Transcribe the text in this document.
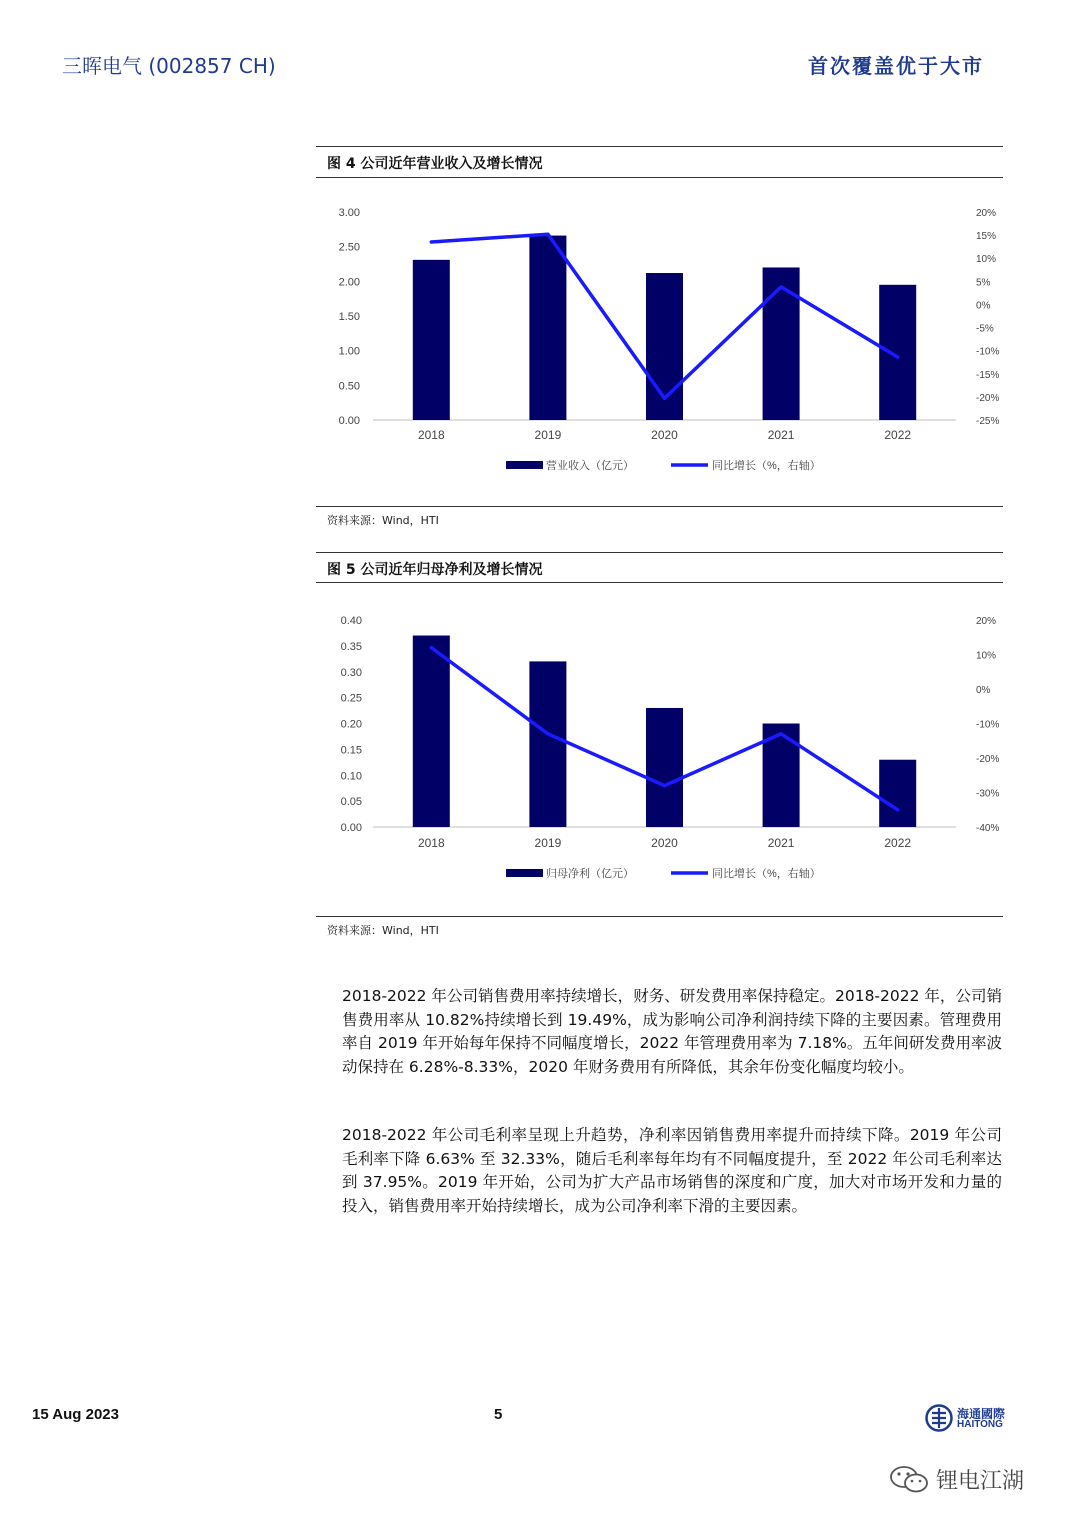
三晖电气 (002857 CH)	首次覆盖优于大市
图 4 公司近年营业收入及增长情况
3.00
2.50
2.00
1.50
1.00
0.50
0.00
20%
15%
10%
5%
0%
-5%
-10%
-15%
-20%
-25%
2018	2019	2020	2021	2022
营业收入（亿元）	同比增长（%，右轴）
资料来源：Wind，HTI
图 5 公司近年归母净利及增长情况
0.40
0.35
0.30
0.25
0.20
0.15
0.10
0.05
0.00
20%
10%
0%
-10%
-20%
-30%
-40%
2018	2019	2020	2021	2022
归母净利（亿元）	同比增长（%，右轴）
资料来源：Wind，HTI

2018-2022 年公司销售费用率持续增长，财务、研发费用率保持稳定。2018-2022 年，公司销售费用率从 10.82%持续增长到 19.49%，成为影响公司净利润持续下降的主要因素。管理费用率自 2019 年开始每年保持不同幅度增长，2022 年管理费用率为 7.18%。五年间研发费用率波动保持在 6.28%-8.33%，2020 年财务费用有所降低，其余年份变化幅度均较小。

2018-2022 年公司毛利率呈现上升趋势，净利率因销售费用率提升而持续下降。2019 年公司毛利率下降 6.63% 至 32.33%，随后毛利率每年均有不同幅度提升，至 2022 年公司毛利率达到 37.95%。2019 年开始，公司为扩大产品市场销售的深度和广度，加大对市场开发和力量的投入，销售费用率开始持续增长，成为公司净利率下滑的主要因素。

15 Aug 2023	5	海通國際
HAITONG
锂电江湖
